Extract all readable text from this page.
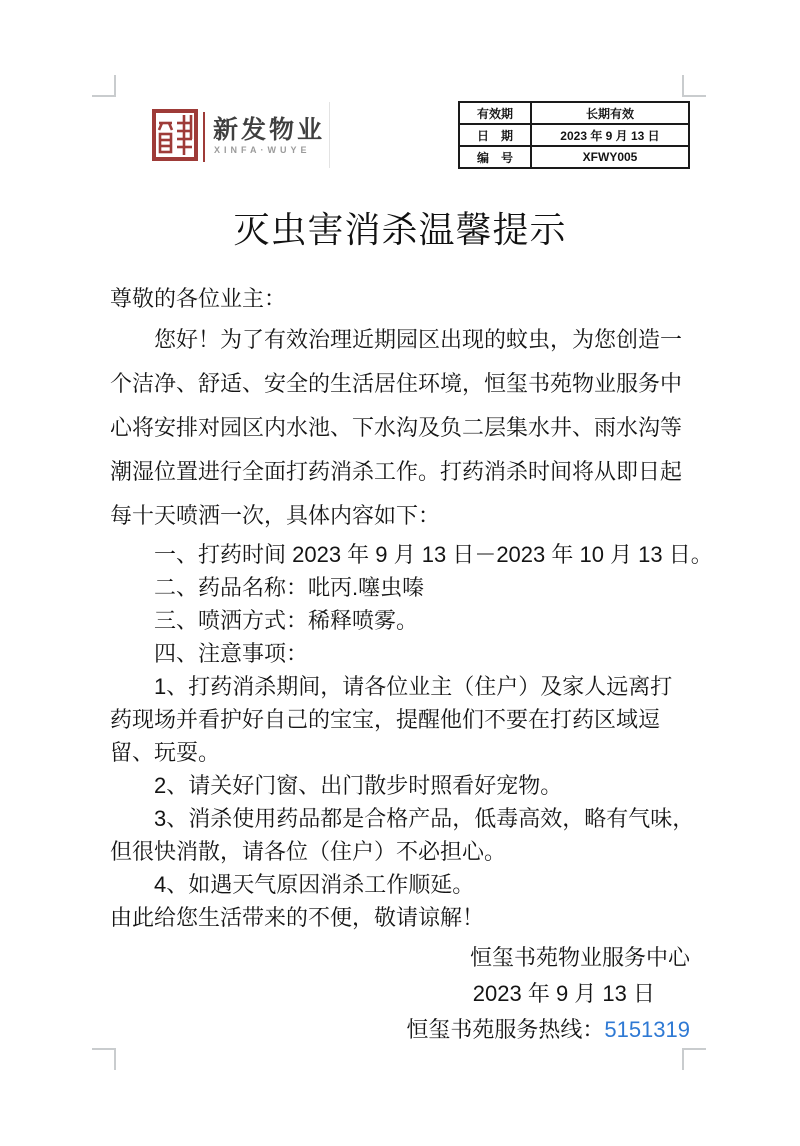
新发物业
XINFA·WUYE
有效期	长期有效
日　期	2023 年 9 月 13 日
编　号	XFWY005
灭虫害消杀温馨提示
尊敬的各位业主：
您好！为了有效治理近期园区出现的蚊虫，为您创造一
个洁净、舒适、安全的生活居住环境，恒玺书苑物业服务中
心将安排对园区内水池、下水沟及负二层集水井、雨水沟等
潮湿位置进行全面打药消杀工作。打药消杀时间将从即日起
每十天喷洒一次，具体内容如下：
一、打药时间 2023 年 9 月 13 日－2023 年 10 月 13 日。
二、药品名称：吡丙.噻虫嗪
三、喷洒方式：稀释喷雾。
四、注意事项：
1、打药消杀期间，请各位业主（住户）及家人远离打
药现场并看护好自己的宝宝，提醒他们不要在打药区域逗
留、玩耍。
2、请关好门窗、出门散步时照看好宠物。
3、消杀使用药品都是合格产品，低毒高效，略有气味，
但很快消散，请各位（住户）不必担心。
4、如遇天气原因消杀工作顺延。
由此给您生活带来的不便，敬请谅解！
恒玺书苑物业服务中心
2023 年 9 月 13 日
恒玺书苑服务热线：5151319
